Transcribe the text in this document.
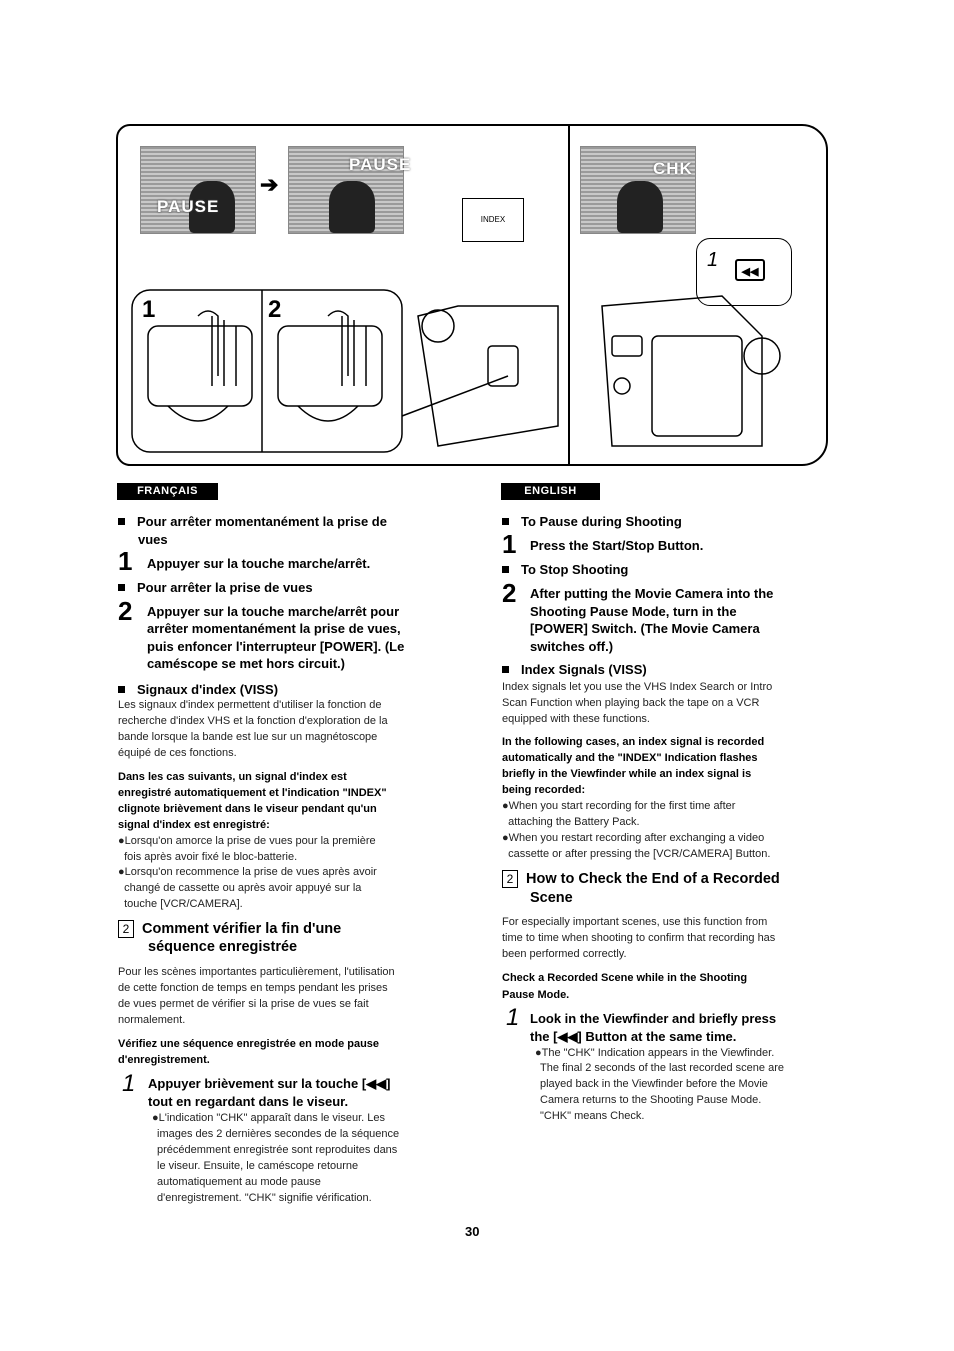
PAUSE
➔
PAUSE
INDEX
1	2
CHK
1
◀◀
FRANÇAIS
Pour arrêter momentanément la prise de
vues
1 Appuyer sur la touche marche/arrêt.
Pour arrêter la prise de vues
2 Appuyer sur la touche marche/arrêt pour
arrêter momentanément la prise de vues,
puis enfoncer l'interrupteur [POWER]. (Le
caméscope se met hors circuit.)
Signaux d'index (VISS)
Les signaux d'index permettent d'utiliser la fonction de
recherche d'index VHS et la fonction d'exploration de la
bande lorsque la bande est lue sur un magnétoscope
équipé de ces fonctions.
Dans les cas suivants, un signal d'index est
enregistré automatiquement et l'indication "INDEX"
clignote brièvement dans le viseur pendant qu'un
signal d'index est enregistré:
●Lorsqu'on amorce la prise de vues pour la première
fois après avoir fixé le bloc-batterie.
●Lorsqu'on recommence la prise de vues après avoir
changé de cassette ou après avoir appuyé sur la
touche [VCR/CAMERA].
2 Comment vérifier la fin d'une
séquence enregistrée
Pour les scènes importantes particulièrement, l'utilisation
de cette fonction de temps en temps pendant les prises
de vues permet de vérifier si la prise de vues se fait
normalement.
Vérifiez une séquence enregistrée en mode pause
d'enregistrement.
1 Appuyer brièvement sur la touche [◀◀]
tout en regardant dans le viseur.
●L'indication "CHK" apparaît dans le viseur. Les
images des 2 dernières secondes de la séquence
précédemment enregistrée sont reproduites dans
le viseur. Ensuite, le caméscope retourne
automatiquement au mode pause
d'enregistrement. "CHK" signifie vérification.
ENGLISH
To Pause during Shooting
1 Press the Start/Stop Button.
To Stop Shooting
2 After putting the Movie Camera into the
Shooting Pause Mode, turn in the
[POWER] Switch. (The Movie Camera
switches off.)
Index Signals (VISS)
Index signals let you use the VHS Index Search or Intro
Scan Function when playing back the tape on a VCR
equipped with these functions.
In the following cases, an index signal is recorded
automatically and the "INDEX" Indication flashes
briefly in the Viewfinder while an index signal is
being recorded:
●When you start recording for the first time after
attaching the Battery Pack.
●When you restart recording after exchanging a video
cassette or after pressing the [VCR/CAMERA] Button.
2 How to Check the End of a Recorded
Scene
For especially important scenes, use this function from
time to time when shooting to confirm that recording has
been performed correctly.
Check a Recorded Scene while in the Shooting
Pause Mode.
1 Look in the Viewfinder and briefly press
the [◀◀] Button at the same time.
●The "CHK" Indication appears in the Viewfinder.
The final 2 seconds of the last recorded scene are
played back in the Viewfinder before the Movie
Camera returns to the Shooting Pause Mode.
"CHK" means Check.
30
